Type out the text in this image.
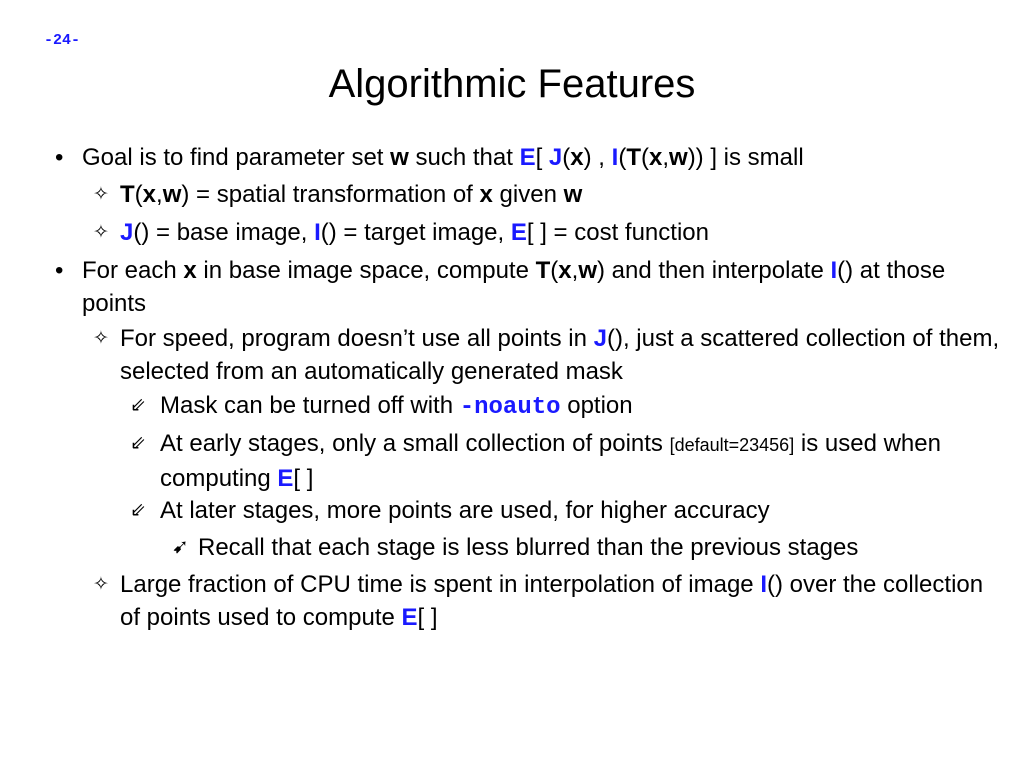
-24-
Algorithmic Features
• Goal is to find parameter set w such that E[ J(x) , I(T(x,w)) ] is small
✧ T(x,w) = spatial transformation of x given w
✧ J() = base image, I() = target image, E[ ] = cost function
• For each x in base image space, compute T(x,w) and then interpolate I() at those points
✧ For speed, program doesn’t use all points in J(), just a scattered collection of them, selected from an automatically generated mask
⇙ Mask can be turned off with -noauto option
⇙ At early stages, only a small collection of points [default=23456] is used when computing E[ ]
⇙ At later stages, more points are used, for higher accuracy
➹ Recall that each stage is less blurred than the previous stages
✧ Large fraction of CPU time is spent in interpolation of image I() over the collection of points used to compute E[ ]
